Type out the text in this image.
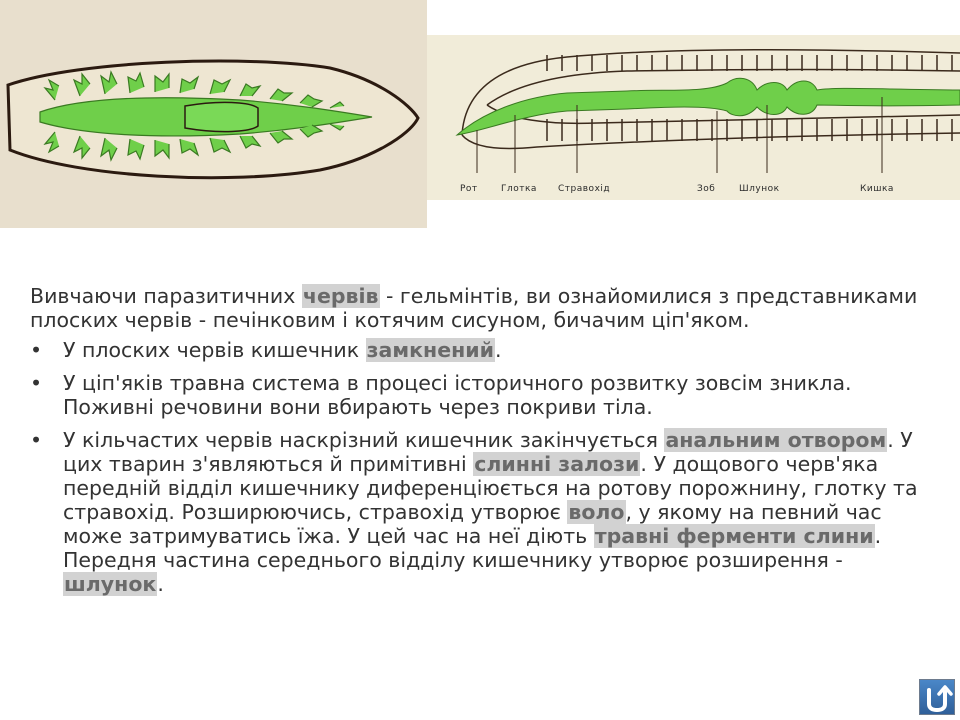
Рот	Глотка Стравохід	Зоб	Шлунок	Кишка

Вивчаючи паразитичних червів - гельмінтів, ви ознайомилися з представниками плоских червів - печінковим і котячим сисуном, бичачим ціп'яком.

• У плоских червів кишечник замкнений.
• У ціп'яків травна система в процесі історичного розвитку зовсім зникла. Поживні речовини вони вбирають через покриви тіла.
• У кільчастих червів наскрізний кишечник закінчується анальним отвором. У цих тварин з'являються й примітивні слинні залози. У дощового черв'яка передній відділ кишечнику диференціюється на ротову порожнину, глотку та стравохід. Розширюючись, стравохід утворює воло, у якому на певний час може затримуватись їжа. У цей час на неї діють травні ферменти слини. Передня частина середнього відділу кишечнику утворює розширення - шлунок.
